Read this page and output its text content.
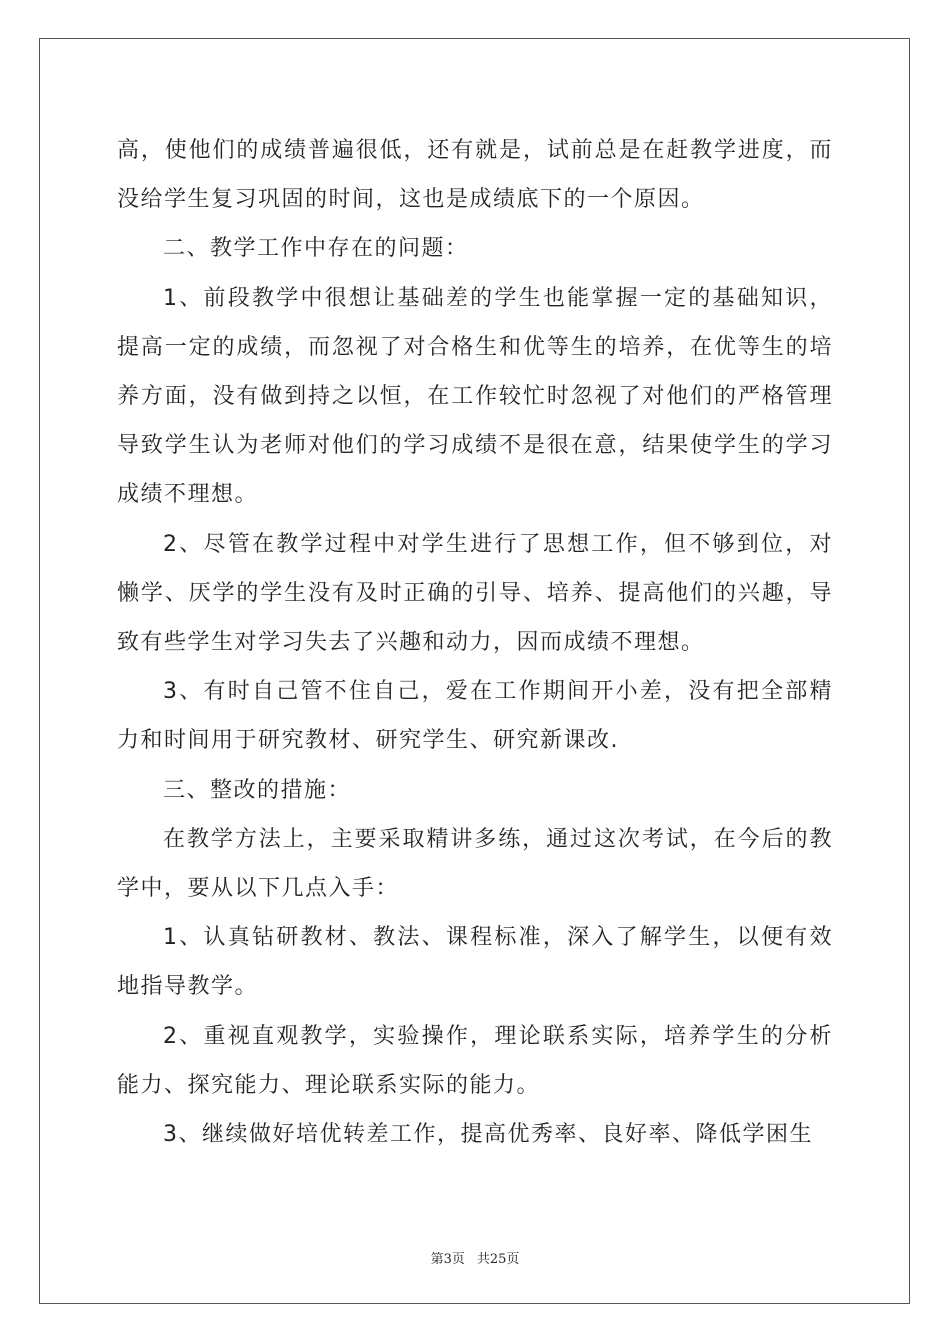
高，使他们的成绩普遍很低，还有就是，试前总是在赶教学进度，而没给学生复习巩固的时间，这也是成绩底下的一个原因。

二、教学工作中存在的问题：

1、前段教学中很想让基础差的学生也能掌握一定的基础知识，提高一定的成绩，而忽视了对合格生和优等生的培养，在优等生的培养方面，没有做到持之以恒，在工作较忙时忽视了对他们的严格管理导致学生认为老师对他们的学习成绩不是很在意，结果使学生的学习成绩不理想。

2、尽管在教学过程中对学生进行了思想工作，但不够到位，对懒学、厌学的学生没有及时正确的引导、培养、提高他们的兴趣，导致有些学生对学习失去了兴趣和动力，因而成绩不理想。

3、有时自己管不住自己，爱在工作期间开小差，没有把全部精力和时间用于研究教材、研究学生、研究新课改.

三、整改的措施：

在教学方法上，主要采取精讲多练，通过这次考试，在今后的教学中，要从以下几点入手：

1、认真钻研教材、教法、课程标准，深入了解学生，以便有效地指导教学。

2、重视直观教学，实验操作，理论联系实际，培养学生的分析能力、探究能力、理论联系实际的能力。

3、继续做好培优转差工作，提高优秀率、良好率、降低学困生

第3页 共25页
